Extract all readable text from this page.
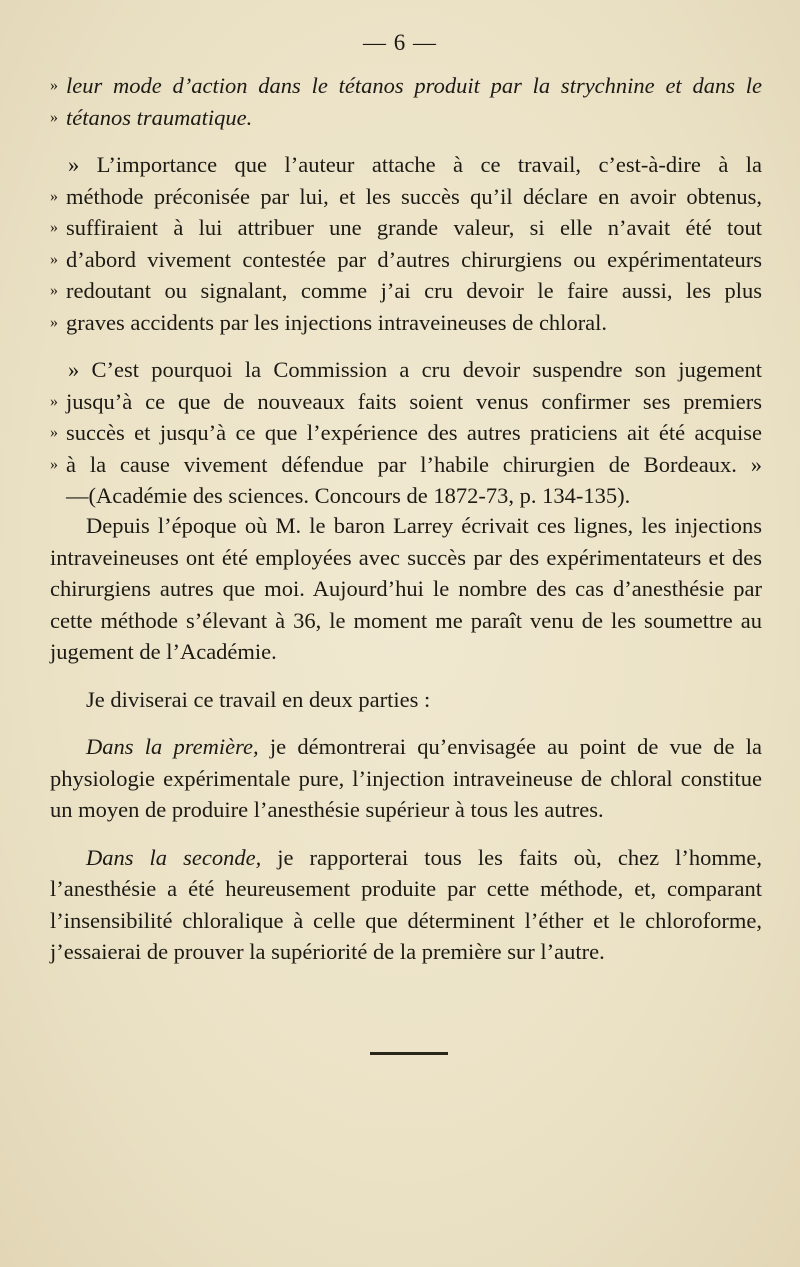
— 6 —
» leur mode d’action dans le tétanos produit par la strychnine et dans le
» tétanos traumatique.
» L’importance que l’auteur attache à ce travail, c’est-à-dire à la
» méthode préconisée par lui, et les succès qu’il déclare en avoir obtenus,
» suffiraient à lui attribuer une grande valeur, si elle n’avait été tout
» d’abord vivement contestée par d’autres chirurgiens ou expérimentateurs
» redoutant ou signalant, comme j’ai cru devoir le faire aussi, les plus
» graves accidents par les injections intraveineuses de chloral.
» C’est pourquoi la Commission a cru devoir suspendre son jugement
» jusqu’à ce que de nouveaux faits soient venus confirmer ses premiers
» succès et jusqu’à ce que l’expérience des autres praticiens ait été acquise
» à la cause vivement défendue par l’habile chirurgien de Bordeaux. »
—(Académie des sciences. Concours de 1872-73, p. 134-135).

Depuis l’époque où M. le baron Larrey écrivait ces lignes, les injections intraveineuses ont été employées avec succès par des expérimentateurs et des chirurgiens autres que moi. Aujourd’hui le nombre des cas d’anesthésie par cette méthode s’élevant à 36, le moment me paraît venu de les soumettre au jugement de l’Académie.

Je diviserai ce travail en deux parties :

Dans la première, je démontrerai qu’envisagée au point de vue de la physiologie expérimentale pure, l’injection intraveineuse de chloral constitue un moyen de produire l’anesthésie supérieur à tous les autres.

Dans la seconde, je rapporterai tous les faits où, chez l’homme, l’anesthésie a été heureusement produite par cette méthode, et, comparant l’insensibilité chloralique à celle que déterminent l’éther et le chloroforme, j’essaierai de prouver la supériorité de la première sur l’autre.
